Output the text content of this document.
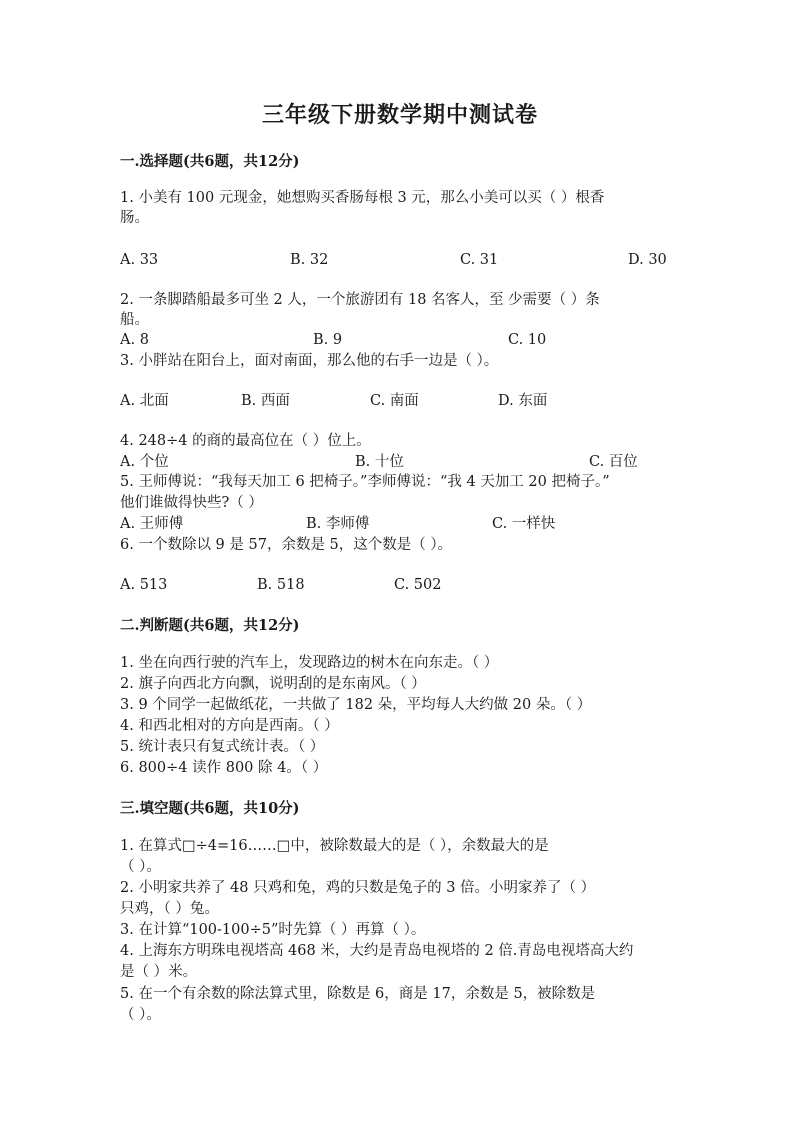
三年级下册数学期中测试卷
一.选择题(共6题，共12分)
1. 小美有 100 元现金，她想购买香肠每根 3 元，那么小美可以买（ ）根香
肠。
A. 33	B. 32	C. 31	D. 30
2. 一条脚踏船最多可坐 2 人，一个旅游团有 18 名客人，至 少需要（ ）条
船。
A. 8	B. 9	C. 10
3. 小胖站在阳台上，面对南面，那么他的右手一边是（ ）。
A. 北面	B. 西面	C. 南面	D. 东面
4. 248÷4 的商的最高位在（ ）位上。
A. 个位	B. 十位	C. 百位
5. 王师傅说：“我每天加工 6 把椅子。”李师傅说：“我 4 天加工 20 把椅子。”
他们谁做得快些?（ ）
A. 王师傅	B. 李师傅	C. 一样快
6. 一个数除以 9 是 57，余数是 5，这个数是（ ）。
A. 513	B. 518	C. 502
二.判断题(共6题，共12分)
1. 坐在向西行驶的汽车上，发现路边的树木在向东走。（ ）
2. 旗子向西北方向飘，说明刮的是东南风。（ ）
3. 9 个同学一起做纸花，一共做了 182 朵，平均每人大约做 20 朵。（ ）
4. 和西北相对的方向是西南。（ ）
5. 统计表只有复式统计表。（ ）
6. 800÷4 读作 800 除 4。（ ）
三.填空题(共6题，共10分)
1. 在算式□÷4=16……□中，被除数最大的是（ ），余数最大的是
（ ）。
2. 小明家共养了 48 只鸡和兔，鸡的只数是兔子的 3 倍。小明家养了（ ）
只鸡，（ ）兔。
3. 在计算“100-100÷5”时先算（ ）再算（ ）。
4. 上海东方明珠电视塔高 468 米，大约是青岛电视塔的 2 倍.青岛电视塔高大约
是（ ）米。
5. 在一个有余数的除法算式里，除数是 6，商是 17，余数是 5，被除数是
（ ）。
